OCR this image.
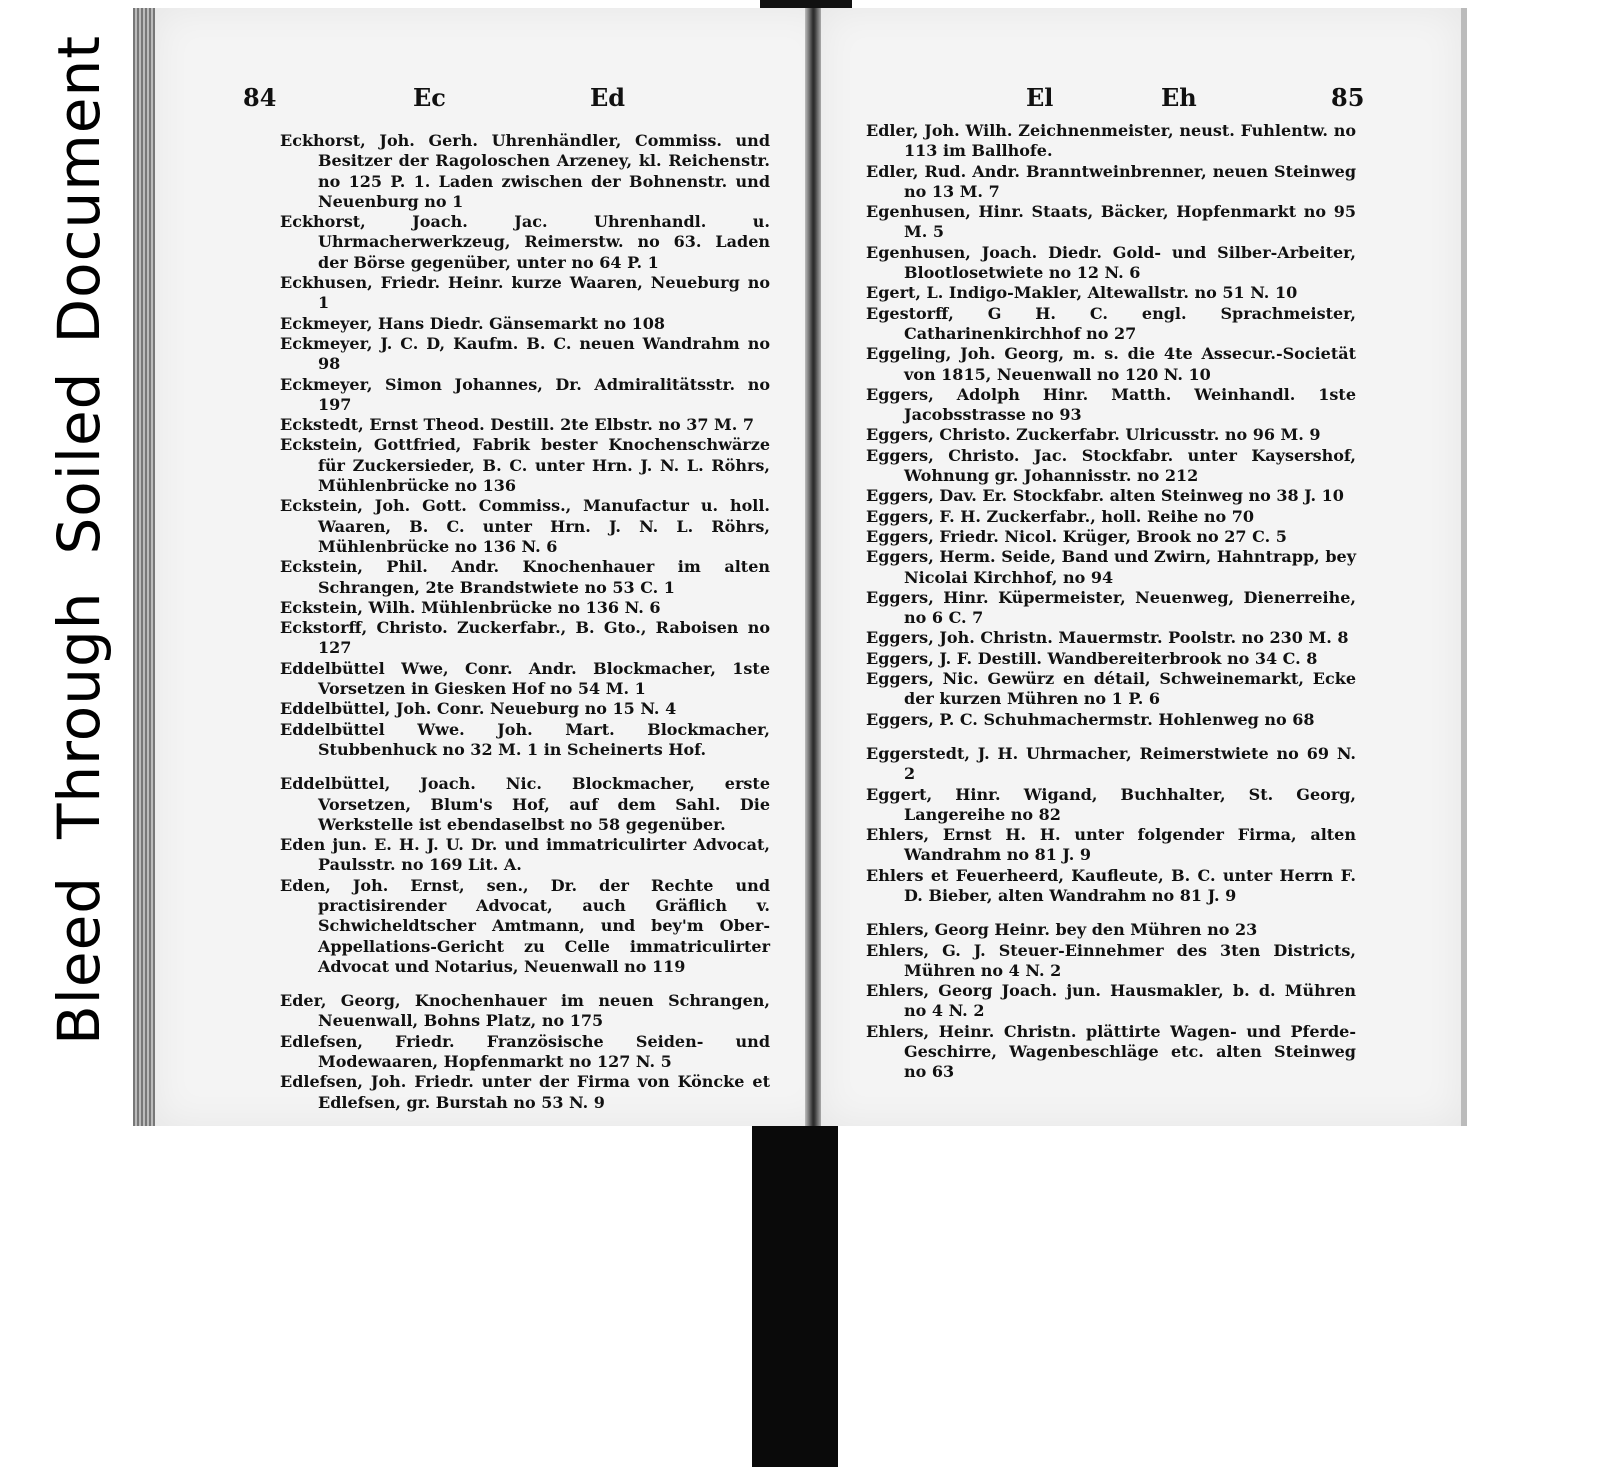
Bleed
Through
Soiled
Document	84	Ec	Ed

Eckhorst, Joh. Gerh. Uhrenhändler, Commiss. und Besitzer der Ragoloschen Arzeney, kl. Reichenstr. no 125 P. 1. Laden zwischen der Bohnenstr. und Neuenburg no 1

Eckhorst, Joach. Jac. Uhrenhandl. u. Uhrmacherwerkzeug, Reimerstw. no 63. Laden der Börse gegenüber, unter no 64 P. 1

Eckhusen, Friedr. Heinr. kurze Waaren, Neueburg no 1

Eckmeyer, Hans Diedr. Gänsemarkt no 108

Eckmeyer, J. C. D, Kaufm. B. C. neuen Wandrahm no 98

Eckmeyer, Simon Johannes, Dr. Admiralitätsstr. no 197

Eckstedt, Ernst Theod. Destill. 2te Elbstr. no 37 M. 7

Eckstein, Gottfried, Fabrik bester Knochenschwärze für Zuckersieder, B. C. unter Hrn. J. N. L. Röhrs, Mühlenbrücke no 136

Eckstein, Joh. Gott. Commiss., Manufactur u. holl. Waaren, B. C. unter Hrn. J. N. L. Röhrs, Mühlenbrücke no 136 N. 6

Eckstein, Phil. Andr. Knochenhauer im alten Schrangen, 2te Brandstwiete no 53 C. 1

Eckstein, Wilh. Mühlenbrücke no 136 N. 6

Eckstorff, Christo. Zuckerfabr., B. Gto., Raboisen no 127

Eddelbüttel Wwe, Conr. Andr. Blockmacher, 1ste Vorsetzen in Giesken Hof no 54 M. 1

Eddelbüttel, Joh. Conr. Neueburg no 15 N. 4

Eddelbüttel Wwe. Joh. Mart. Blockmacher, Stubbenhuck no 32 M. 1 in Scheinerts Hof.

Eddelbüttel, Joach. Nic. Blockmacher, erste Vorsetzen, Blum's Hof, auf dem Sahl. Die Werkstelle ist ebendaselbst no 58 gegenüber.

Eden jun. E. H. J. U. Dr. und immatriculirter Advocat, Paulsstr. no 169 Lit. A.

Eden, Joh. Ernst, sen., Dr. der Rechte und practisirender Advocat, auch Gräflich v. Schwicheldtscher Amtmann, und bey'm Ober-Appellations-Gericht zu Celle immatriculirter Advocat und Notarius, Neuenwall no 119

Eder, Georg, Knochenhauer im neuen Schrangen, Neuenwall, Bohns Platz, no 175

Edlefsen, Friedr. Französische Seiden- und Modewaaren, Hopfenmarkt no 127 N. 5

Edlefsen, Joh. Friedr. unter der Firma von Köncke et Edlefsen, gr. Burstah no 53 N. 9

El	Eh	85

Edler, Joh. Wilh. Zeichnenmeister, neust. Fuhlentw. no 113 im Ballhofe.

Edler, Rud. Andr. Branntweinbrenner, neuen Steinweg no 13 M. 7

Egenhusen, Hinr. Staats, Bäcker, Hopfenmarkt no 95 M. 5

Egenhusen, Joach. Diedr. Gold- und Silber-Arbeiter, Blootlosetwiete no 12 N. 6

Egert, L. Indigo-Makler, Altewallstr. no 51 N. 10

Egestorff, G H. C. engl. Sprachmeister, Catharinenkirchhof no 27

Eggeling, Joh. Georg, m. s. die 4te Assecur.-Societät von 1815, Neuenwall no 120 N. 10

Eggers, Adolph Hinr. Matth. Weinhandl. 1ste Jacobsstrasse no 93

Eggers, Christo. Zuckerfabr. Ulricusstr. no 96 M. 9

Eggers, Christo. Jac. Stockfabr. unter Kaysershof, Wohnung gr. Johannisstr. no 212

Eggers, Dav. Er. Stockfabr. alten Steinweg no 38 J. 10

Eggers, F. H. Zuckerfabr., holl. Reihe no 70

Eggers, Friedr. Nicol. Krüger, Brook no 27 C. 5

Eggers, Herm. Seide, Band und Zwirn, Hahntrapp, bey Nicolai Kirchhof, no 94

Eggers, Hinr. Küpermeister, Neuenweg, Dienerreihe, no 6 C. 7

Eggers, Joh. Christn. Mauermstr. Poolstr. no 230 M. 8

Eggers, J. F. Destill. Wandbereiterbrook no 34 C. 8

Eggers, Nic. Gewürz en détail, Schweinemarkt, Ecke der kurzen Mühren no 1 P. 6

Eggers, P. C. Schuhmachermstr. Hohlenweg no 68

Eggerstedt, J. H. Uhrmacher, Reimerstwiete no 69 N. 2

Eggert, Hinr. Wigand, Buchhalter, St. Georg, Langereihe no 82

Ehlers, Ernst H. H. unter folgender Firma, alten Wandrahm no 81 J. 9

Ehlers et Feuerheerd, Kaufleute, B. C. unter Herrn F. D. Bieber, alten Wandrahm no 81 J. 9

Ehlers, Georg Heinr. bey den Mühren no 23

Ehlers, G. J. Steuer-Einnehmer des 3ten Districts, Mühren no 4 N. 2

Ehlers, Georg Joach. jun. Hausmakler, b. d. Mühren no 4 N. 2

Ehlers, Heinr. Christn. plättirte Wagen- und Pferde-Geschirre, Wagenbeschläge etc. alten Steinweg no 63
